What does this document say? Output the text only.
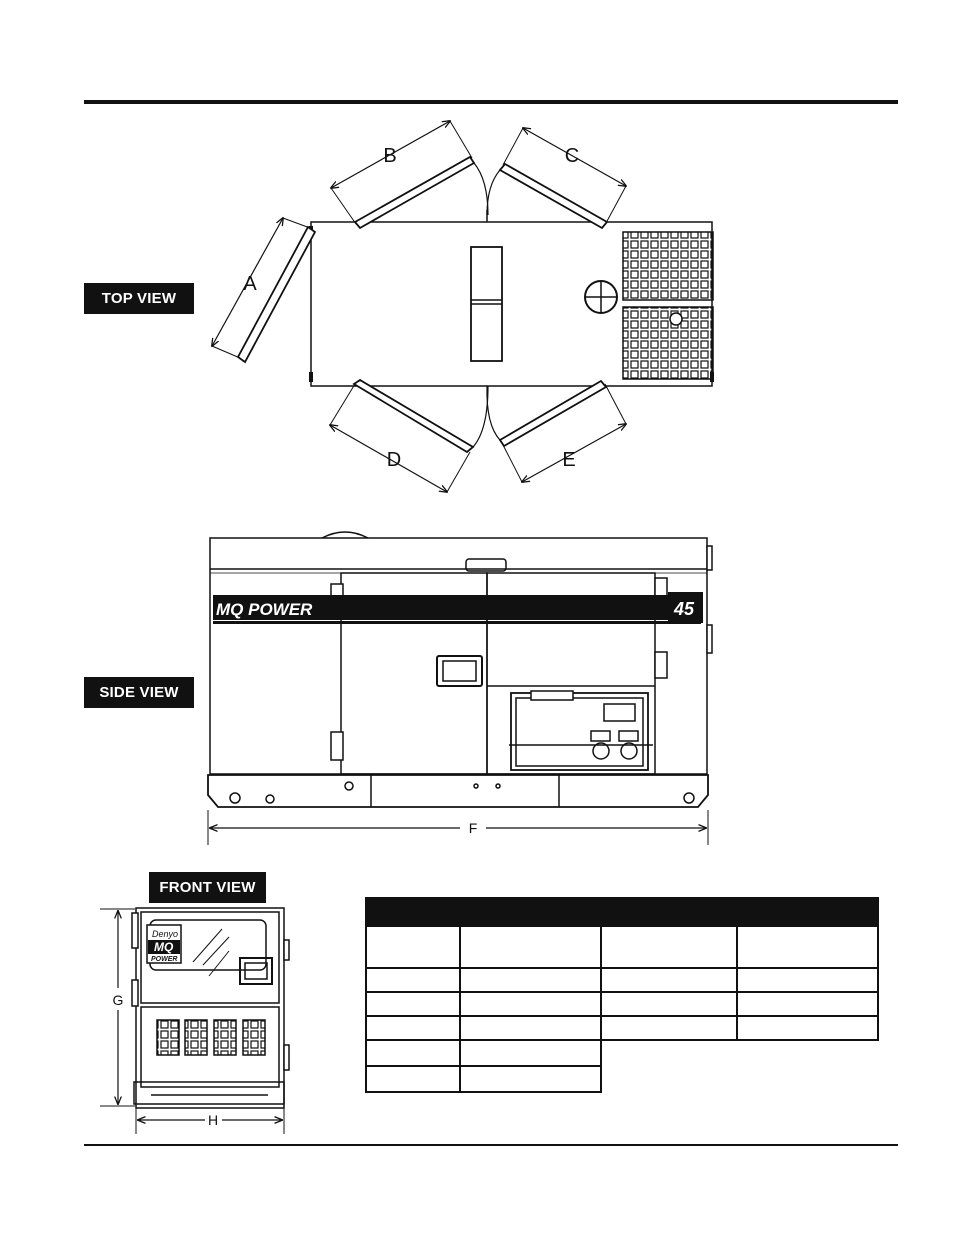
TOP VIEW
SIDE VIEW
FRONT VIEW
A
B	C
D	E
MQ POWER	45
F
Denyo
MQ
POWER
G
H
